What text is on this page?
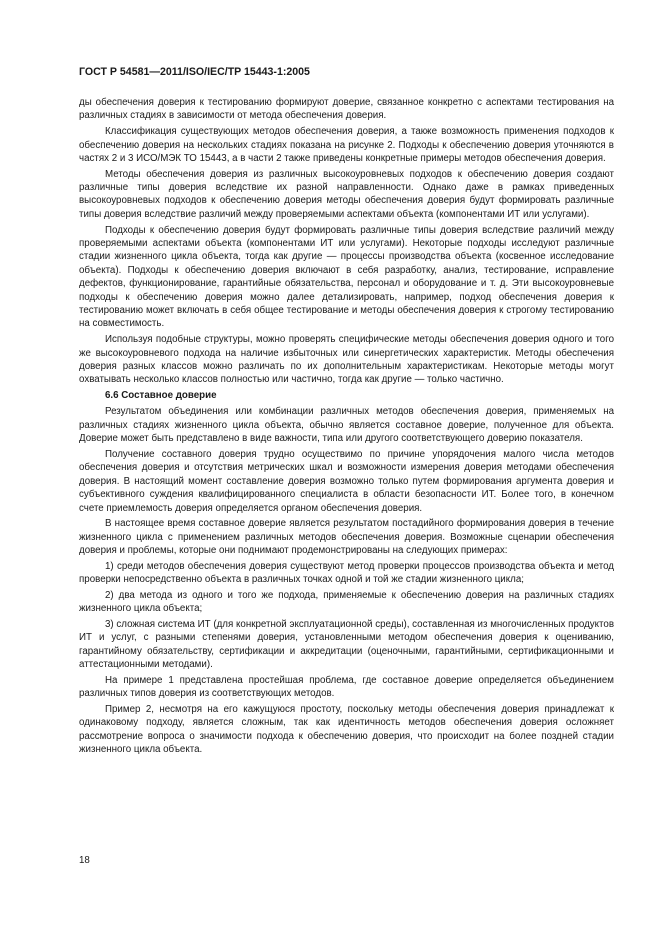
ГОСТ Р 54581—2011/ISO/IEC/TP 15443-1:2005

ды обеспечения доверия к тестированию формируют доверие, связанное конкретно с аспектами тестирования на различных стадиях в зависимости от метода обеспечения доверия.

Классификация существующих методов обеспечения доверия, а также возможность применения подходов к обеспечению доверия на нескольких стадиях показана на рисунке 2. Подходы к обеспечению доверия уточняются в частях 2 и 3 ИСО/МЭК ТО 15443, а в части 2 также приведены конкретные примеры методов обеспечения доверия.

Методы обеспечения доверия из различных высокоуровневых подходов к обеспечению доверия создают различные типы доверия вследствие их разной направленности. Однако даже в рамках приведенных высокоуровневых подходов к обеспечению доверия методы обеспечения доверия будут формировать различные типы доверия вследствие различий между проверяемыми аспектами объекта (компонентами ИТ или услугами).

Подходы к обеспечению доверия будут формировать различные типы доверия вследствие различий между проверяемыми аспектами объекта (компонентами ИТ или услугами). Некоторые подходы исследуют различные стадии жизненного цикла объекта, тогда как другие — процессы производства объекта (косвенное исследование объекта). Подходы к обеспечению доверия включают в себя разработку, анализ, тестирование, исправление дефектов, функционирование, гарантийные обязательства, персонал и оборудование и т. д. Эти высокоуровневые подходы к обеспечению доверия можно далее детализировать, например, подход обеспечения доверия к тестированию может включать в себя общее тестирование и методы обеспечения доверия к строгому тестированию на совместимость.

Используя подобные структуры, можно проверять специфические методы обеспечения доверия одного и того же высокоуровневого подхода на наличие избыточных или синергетических характеристик. Методы обеспечения доверия разных классов можно различать по их дополнительным характеристикам. Некоторые методы могут охватывать несколько классов полностью или частично, тогда как другие — только частично.

6.6 Составное доверие

Результатом объединения или комбинации различных методов обеспечения доверия, применяемых на различных стадиях жизненного цикла объекта, обычно является составное доверие, полученное для объекта. Доверие может быть представлено в виде важности, типа или другого соответствующего доверию показателя.

Получение составного доверия трудно осуществимо по причине упорядочения малого числа методов обеспечения доверия и отсутствия метрических шкал и возможности измерения доверия методами обеспечения доверия. В настоящий момент составление доверия возможно только путем формирования аргумента доверия и субъективного суждения квалифицированного специалиста в области безопасности ИТ. Более того, в конечном счете приемлемость доверия определяется органом обеспечения доверия.

В настоящее время составное доверие является результатом постадийного формирования доверия в течение жизненного цикла с применением различных методов обеспечения доверия. Возможные сценарии обеспечения доверия и проблемы, которые они поднимают продемонстрированы на следующих примерах:

1) среди методов обеспечения доверия существуют метод проверки процессов производства объекта и метод проверки непосредственно объекта в различных точках одной и той же стадии жизненного цикла;

2) два метода из одного и того же подхода, применяемые к обеспечению доверия на различных стадиях жизненного цикла объекта;

3) сложная система ИТ (для конкретной эксплуатационной среды), составленная из многочисленных продуктов ИТ и услуг, с разными степенями доверия, установленными методом обеспечения доверия к оцениванию, гарантийному обязательству, сертификации и аккредитации (оценочными, гарантийными, сертификационными и аттестационными методами).

На примере 1 представлена простейшая проблема, где составное доверие определяется объединением различных типов доверия из соответствующих методов.

Пример 2, несмотря на его кажущуюся простоту, поскольку методы обеспечения доверия принадлежат к одинаковому подходу, является сложным, так как идентичность методов обеспечения доверия осложняет рассмотрение вопроса о значимости подхода к обеспечению доверия, что происходит на более поздней стадии жизненного цикла объекта.

18
